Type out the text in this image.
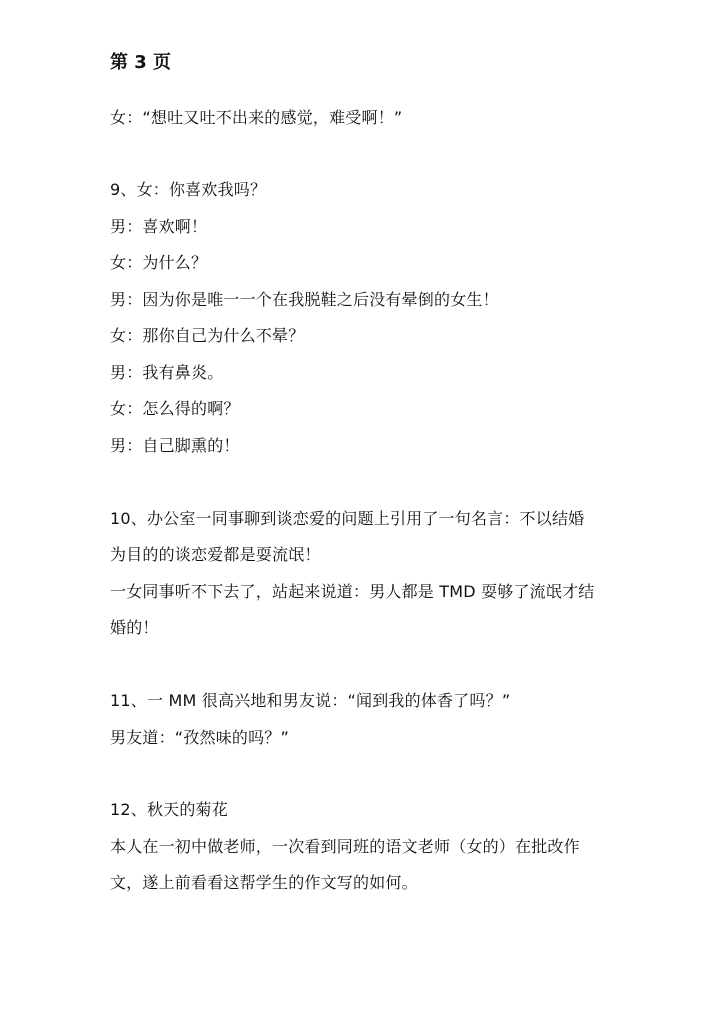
第 3 页
女：“想吐又吐不出来的感觉，难受啊！”
9、女：你喜欢我吗？
男：喜欢啊！
女：为什么？
男：因为你是唯一一个在我脱鞋之后没有晕倒的女生！
女：那你自己为什么不晕？
男：我有鼻炎。
女：怎么得的啊？
男：自己脚熏的！
10、办公室一同事聊到谈恋爱的问题上引用了一句名言：不以结婚
为目的的谈恋爱都是耍流氓！
一女同事听不下去了，站起来说道：男人都是 TMD 耍够了流氓才结
婚的！
11、一 MM 很高兴地和男友说：“闻到我的体香了吗？”
男友道：“孜然味的吗？”
12、秋天的菊花
本人在一初中做老师，一次看到同班的语文老师（女的）在批改作
文，遂上前看看这帮学生的作文写的如何。
